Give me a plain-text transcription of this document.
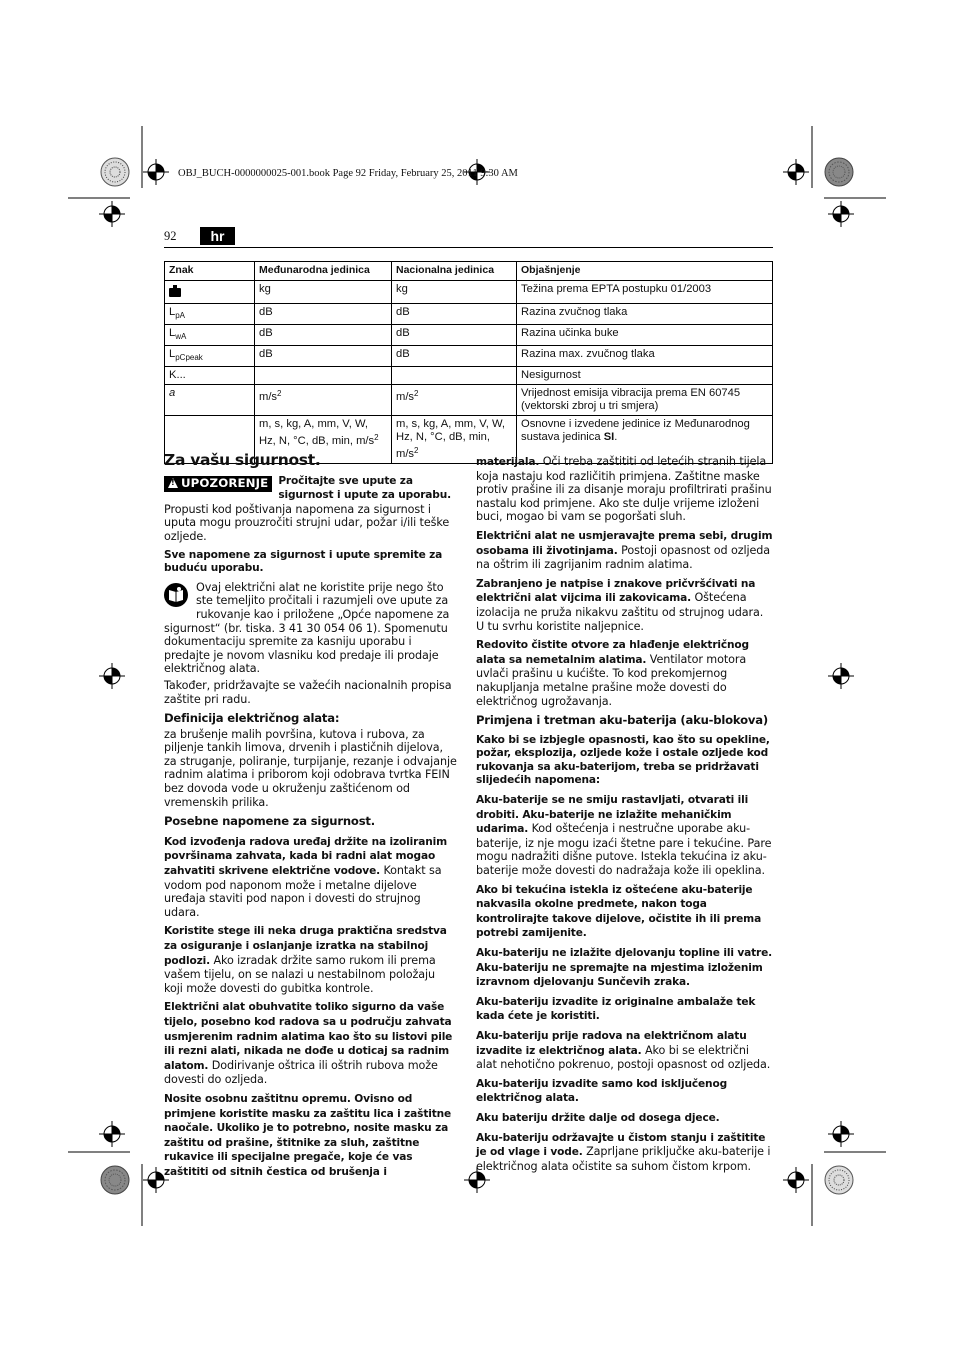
OBJ_BUCH-0000000025-001.book Page 92 Friday, February 25, 2011 9:30 AM
92	hr
Znak	Međunarodna jedinica	Nacionalna jedinica	Objašnjenje

	kg	kg	Težina prema EPTA postupku 01/2003
$L_{pA}$	dB	dB	Razina zvučnog tlaka
$L_{wA}$	dB	dB	Razina učinka buke
$L_{pCpeak}$	dB	dB	Razina max. zvučnog tlaka
K...			Nesigurnost
a	$m/s^2$	$m/s^2$	Vrijednost emisija vibracija prema EN 60745 (vektorski zbroj u tri smjera)
	m, s, kg, A, mm, V, W, Hz, N, °C, dB, min, $m/s^2$	m, s, kg, A, mm, V, W, Hz, N, °C, dB, min, $m/s^2$	Osnovne i izvedene jedinice iz Međunarodnog sustava jedinica SI.
Za vašu sigurnost.
!UPOZORENJE Pročitajte sve upute za sigurnost i upute za uporabu. Propusti kod poštivanja napomena za sigurnost i uputa mogu prouzročiti strujni udar, požar i/ili teške ozljede.

Sve napomene za sigurnost i upute spremite za buduću uporabu.

Ovaj električni alat ne koristite prije nego što ste temeljito pročitali i razumjeli ove upute za rukovanje kao i priložene „Opće napomene za sigurnost“ (br. tiska. 3 41 30 054 06 1). Spomenutu dokumentaciju spremite za kasniju uporabu i predajte je novom vlasniku kod predaje ili prodaje električnog alata.

Također, pridržavajte se važećih nacionalnih propisa zaštite pri radu.

Definicija električnog alata:

za brušenje malih površina, kutova i rubova, za piljenje tankih limova, drvenih i plastičnih dijelova, za struganje, poliranje, turpijanje, rezanje i odvajanje radnim alatima i priborom koji odobrava tvrtka FEIN bez dovoda vode u okruženju zaštićenom od vremenskih prilika.

Posebne napomene za sigurnost.

Kod izvođenja radova uređaj držite na izoliranim površinama zahvata, kada bi radni alat mogao zahvatiti skrivene električne vodove. Kontakt sa vodom pod naponom može i metalne dijelove uređaja staviti pod napon i dovesti do strujnog udara.

Koristite stege ili neka druga praktična sredstva za osiguranje i oslanjanje izratka na stabilnoj podlozi. Ako izradak držite samo rukom ili prema vašem tijelu, on se nalazi u nestabilnom položaju koji može dovesti do gubitka kontrole.

Električni alat obuhvatite toliko sigurno da vaše tijelo, posebno kod radova sa u području zahvata usmjerenim radnim alatima kao što su listovi pile ili rezni alati, nikada ne dođe u doticaj sa radnim alatom. Dodirivanje oštrica ili oštrih rubova može dovesti do ozljeda.

Nosite osobnu zaštitnu opremu. Ovisno od primjene koristite masku za zaštitu lica i zaštitne naočale. Ukoliko je to potrebno, nosite masku za zaštitu od prašine, štitnike za sluh, zaštitne rukavice ili specijalne pregače, koje će vas zaštititi od sitnih čestica od brušenja i

materijala. Oči treba zaštititi od letećih stranih tijela koja nastaju kod različitih primjena. Zaštitne maske protiv prašine ili za disanje moraju profiltrirati prašinu nastalu kod primjene. Ako ste dulje vrijeme izloženi buci, mogao bi vam se pogoršati sluh.

Električni alat ne usmjeravajte prema sebi, drugim osobama ili životinjama. Postoji opasnost od ozljeda na oštrim ili zagrijanim radnim alatima.

Zabranjeno je natpise i znakove pričvršćivati na električni alat vijcima ili zakovicama. Oštećena izolacija ne pruža nikakvu zaštitu od strujnog udara. U tu svrhu koristite naljepnice.

Redovito čistite otvore za hlađenje električnog alata sa nemetalnim alatima. Ventilator motora uvlači prašinu u kućište. To kod prekomjernog nakupljanja metalne prašine može dovesti do električnog ugrožavanja.

Primjena i tretman aku-baterija (aku-blokova)

Kako bi se izbjegle opasnosti, kao što su opekline, požar, eksplozija, ozljede kože i ostale ozljede kod rukovanja sa aku-baterijom, treba se pridržavati slijedećih napomena:

Aku-baterije se ne smiju rastavljati, otvarati ili drobiti. Aku-baterije ne izlažite mehaničkim udarima. Kod oštećenja i nestručne uporabe aku-baterije, iz nje mogu izaći štetne pare i tekućine. Pare mogu nadražiti dišne putove. Istekla tekućina iz aku-baterije može dovesti do nadražaja kože ili opeklina.

Ako bi tekućina istekla iz oštećene aku-baterije nakvasila okolne predmete, nakon toga kontrolirajte takove dijelove, očistite ih ili prema potrebi zamijenite.

Aku-bateriju ne izlažite djelovanju topline ili vatre. Aku-bateriju ne spremajte na mjestima izloženim izravnom djelovanju Sunčevih zraka.

Aku-bateriju izvadite iz originalne ambalaže tek kada ćete je koristiti.

Aku-bateriju prije radova na električnom alatu izvadite iz električnog alata. Ako bi se električni alat nehotično pokrenuo, postoji opasnost od ozljeda.

Aku-bateriju izvadite samo kod isključenog električnog alata.

Aku bateriju držite dalje od dosega djece.

Aku-bateriju održavajte u čistom stanju i zaštitite je od vlage i vode. Zaprljane priključke aku-baterije i električnog alata očistite sa suhom čistom krpom.
